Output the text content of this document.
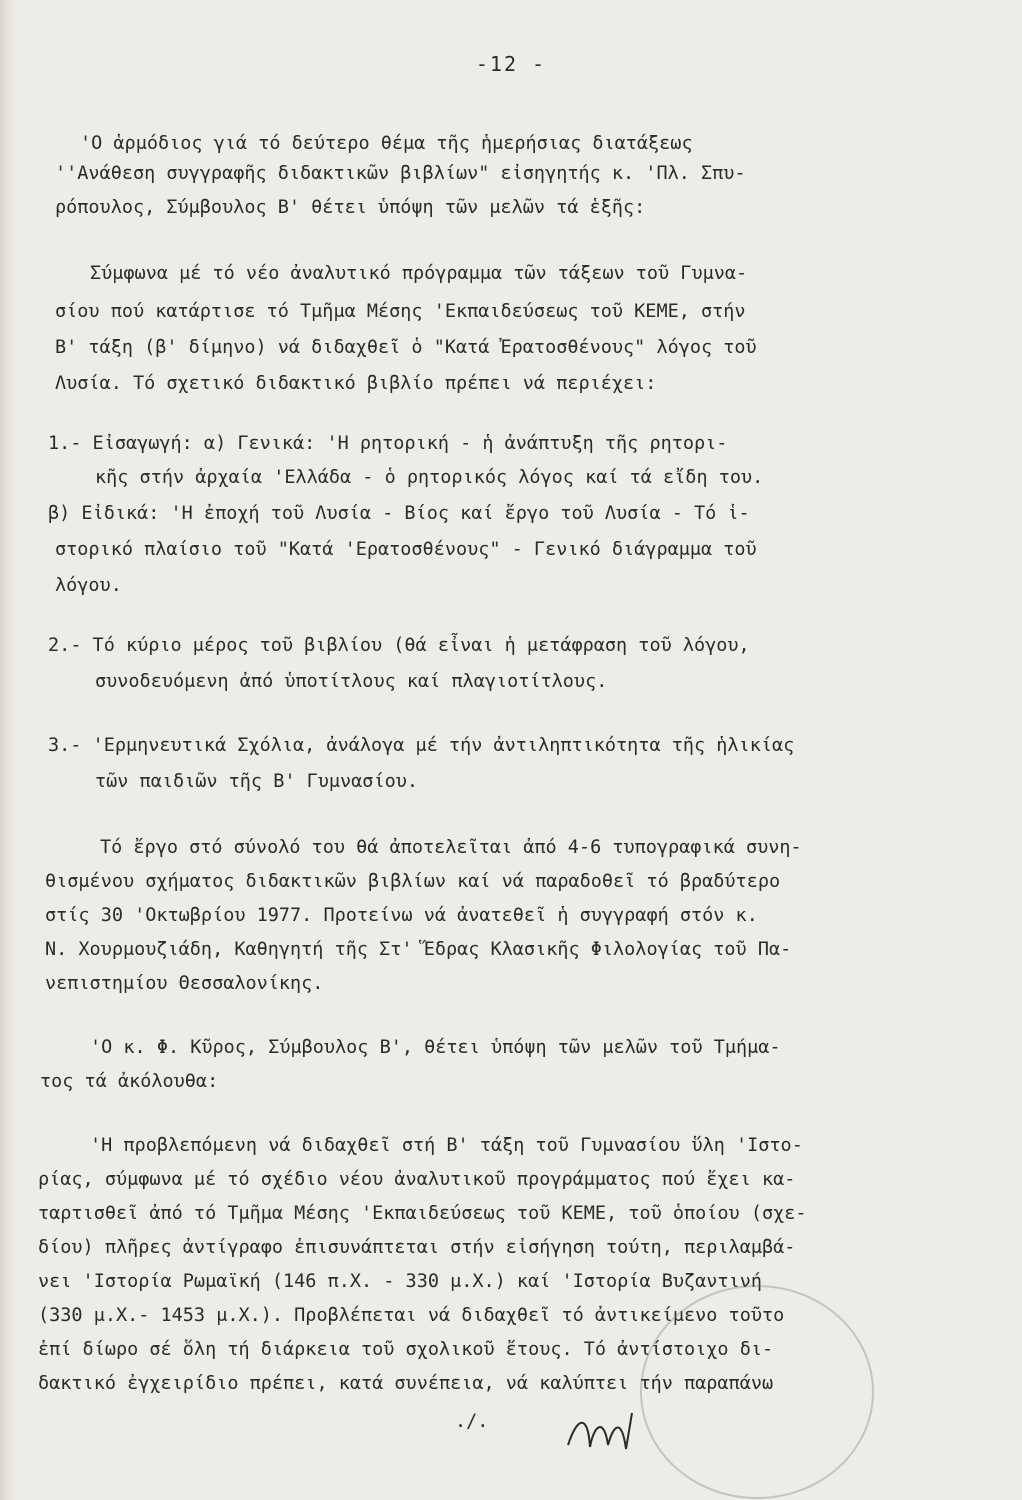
-12 -
'Ο ἁρμόδιος γιά τό δεύτερο θέμα τῆς ἡμερήσιας διατάξεως
''Ανάθεση συγγραφῆς διδακτικῶν βιβλίων" εἰσηγητής κ. 'Πλ. Σπυ-
ρόπουλος, Σύμβουλος Β' θέτει ὑπόψη τῶν μελῶν τά ἑξῆς:
Σύμφωνα μέ τό νέο ἀναλυτικό πρόγραμμα τῶν τάξεων τοῦ Γυμνα-
σίου πού κατάρτισε τό Τμῆμα Μέσης 'Εκπαιδεύσεως τοῦ ΚΕΜΕ, στήν
Β' τάξη (β' δίμηνο) νά διδαχθεῖ ὁ "Κατά Ἐρατοσθένους" λόγος τοῦ
Λυσία. Τό σχετικό διδακτικό βιβλίο πρέπει νά περιέχει:
1.- Εἰσαγωγή: α) Γενικά: 'Η ρητορική - ἡ ἀνάπτυξη τῆς ρητορι-
κῆς στήν ἀρχαία 'Ελλάδα - ὁ ρητορικός λόγος καί τά εἴδη του.
β) Εἰδικά: 'Η ἐποχή τοῦ Λυσία - Βίος καί ἔργο τοῦ Λυσία - Τό ἱ-
στορικό πλαίσιο τοῦ "Κατά 'Ερατοσθένους" - Γενικό διάγραμμα τοῦ
λόγου.
2.- Τό κύριο μέρος τοῦ βιβλίου (θά εἶναι ἡ μετάφραση τοῦ λόγου,
συνοδευόμενη ἀπό ὑποτίτλους καί πλαγιοτίτλους.
3.- 'Ερμηνευτικά Σχόλια, ἀνάλογα μέ τήν ἀντιληπτικότητα τῆς ἡλικίας
τῶν παιδιῶν τῆς Β' Γυμνασίου.
Τό ἔργο στό σύνολό του θά ἀποτελεῖται ἀπό 4-6 τυπογραφικά συνη-
θισμένου σχήματος διδακτικῶν βιβλίων καί νά παραδοθεῖ τό βραδύτερο
στίς 30 'Οκτωβρίου 1977. Προτείνω νά ἀνατεθεῖ ἡ συγγραφή στόν κ.
Ν. Χουρμουζιάδη, Καθηγητή τῆς Στ' Ἕδρας Κλασικῆς Φιλολογίας τοῦ Πα-
νεπιστημίου Θεσσαλονίκης.
'Ο κ. Φ. Κῦρος, Σύμβουλος Β', θέτει ὑπόψη τῶν μελῶν τοῦ Τμήμα-
τος τά ἀκόλουθα:
'Η προβλεπόμενη νά διδαχθεῖ στή Β' τάξη τοῦ Γυμνασίου ὕλη 'Ιστο-
ρίας, σύμφωνα μέ τό σχέδιο νέου ἀναλυτικοῦ προγράμματος πού ἔχει κα-
ταρτισθεῖ ἀπό τό Τμῆμα Μέσης 'Εκπαιδεύσεως τοῦ ΚΕΜΕ, τοῦ ὁποίου (σχε-
δίου) πλῆρες ἀντίγραφο ἐπισυνάπτεται στήν εἰσήγηση τούτη, περιλαμβά-
νει 'Ιστορία Ρωμαϊκή (146 π.Χ. - 330 μ.Χ.) καί 'Ιστορία Βυζαντινή
(330 μ.Χ.- 1453 μ.Χ.). Προβλέπεται νά διδαχθεῖ τό ἀντικείμενο τοῦτο
ἐπί δίωρο σέ ὅλη τή διάρκεια τοῦ σχολικοῦ ἔτους. Τό ἀντίστοιχο δι-
δακτικό ἐγχειρίδιο πρέπει, κατά συνέπεια, νά καλύπτει τήν παραπάνω
./.
